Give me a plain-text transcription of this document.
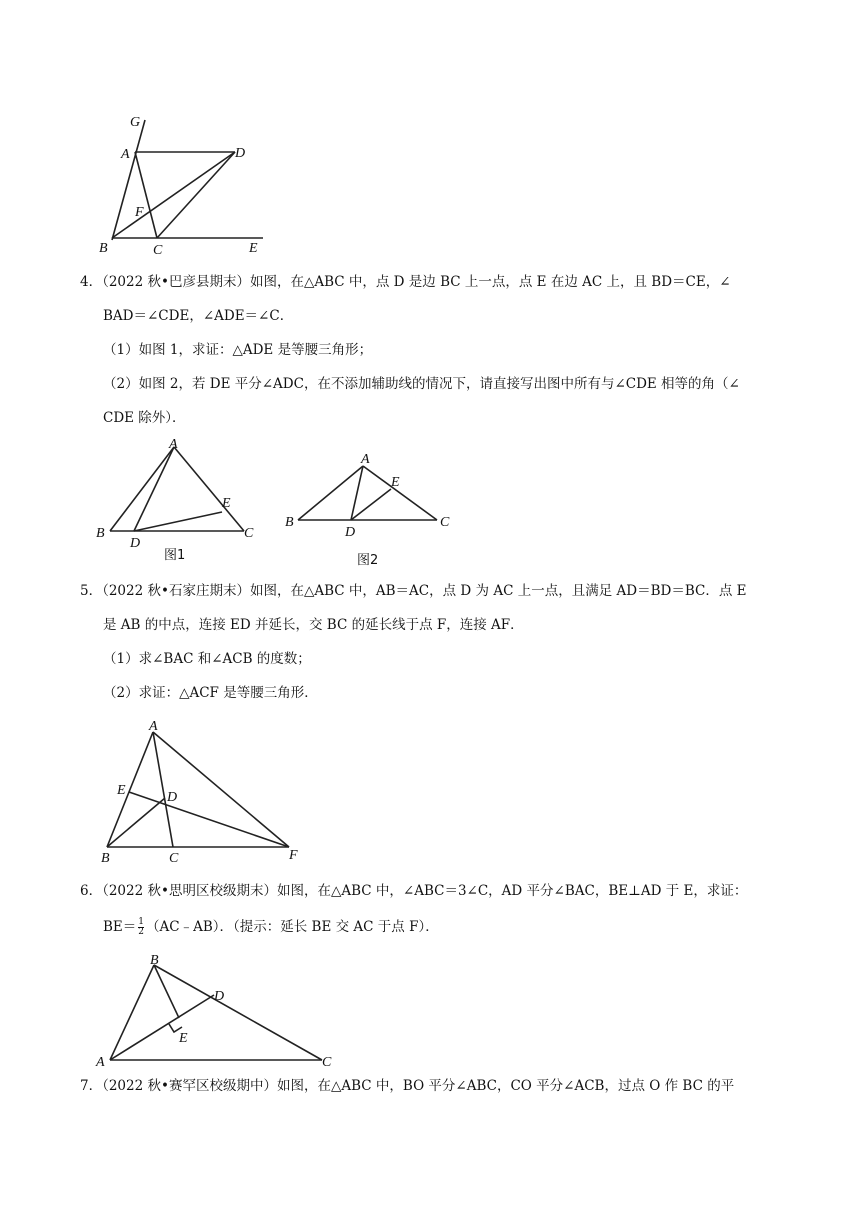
G
A	D
F
B	C	E
4．（2022 秋•巴彦县期末）如图，在△ABC 中，点 D 是边 BC 上一点，点 E 在边 AC 上，且 BD＝CE，∠
BAD＝∠CDE，∠ADE＝∠C．
（1）如图 1，求证：△ADE 是等腰三角形；
（2）如图 2，若 DE 平分∠ADC，在不添加辅助线的情况下，请直接写出图中所有与∠CDE 相等的角（∠
CDE 除外）．
A
B
D
C
E
图1
A
B
D
C
E
图2
5．（2022 秋•石家庄期末）如图，在△ABC 中，AB＝AC，点 D 为 AC 上一点，且满足 AD＝BD＝BC．点 E
是 AB 的中点，连接 ED 并延长，交 BC 的延长线于点 F，连接 AF．
（1）求∠BAC 和∠ACB 的度数；
（2）求证：△ACF 是等腰三角形．
A
E	D
B	C	F
6．（2022 秋•思明区校级期末）如图，在△ABC 中，∠ABC＝3∠C，AD 平分∠BAC，BE⊥AD 于 E，求证：
$BE= \frac{1}{2}$ （AC﹣AB）．（提示：延长 BE 交 AC 于点 F）．
B
D
E
A	C
7．（2022 秋•赛罕区校级期中）如图，在△ABC 中，BO 平分∠ABC，CO 平分∠ACB，过点 O 作 BC 的平
